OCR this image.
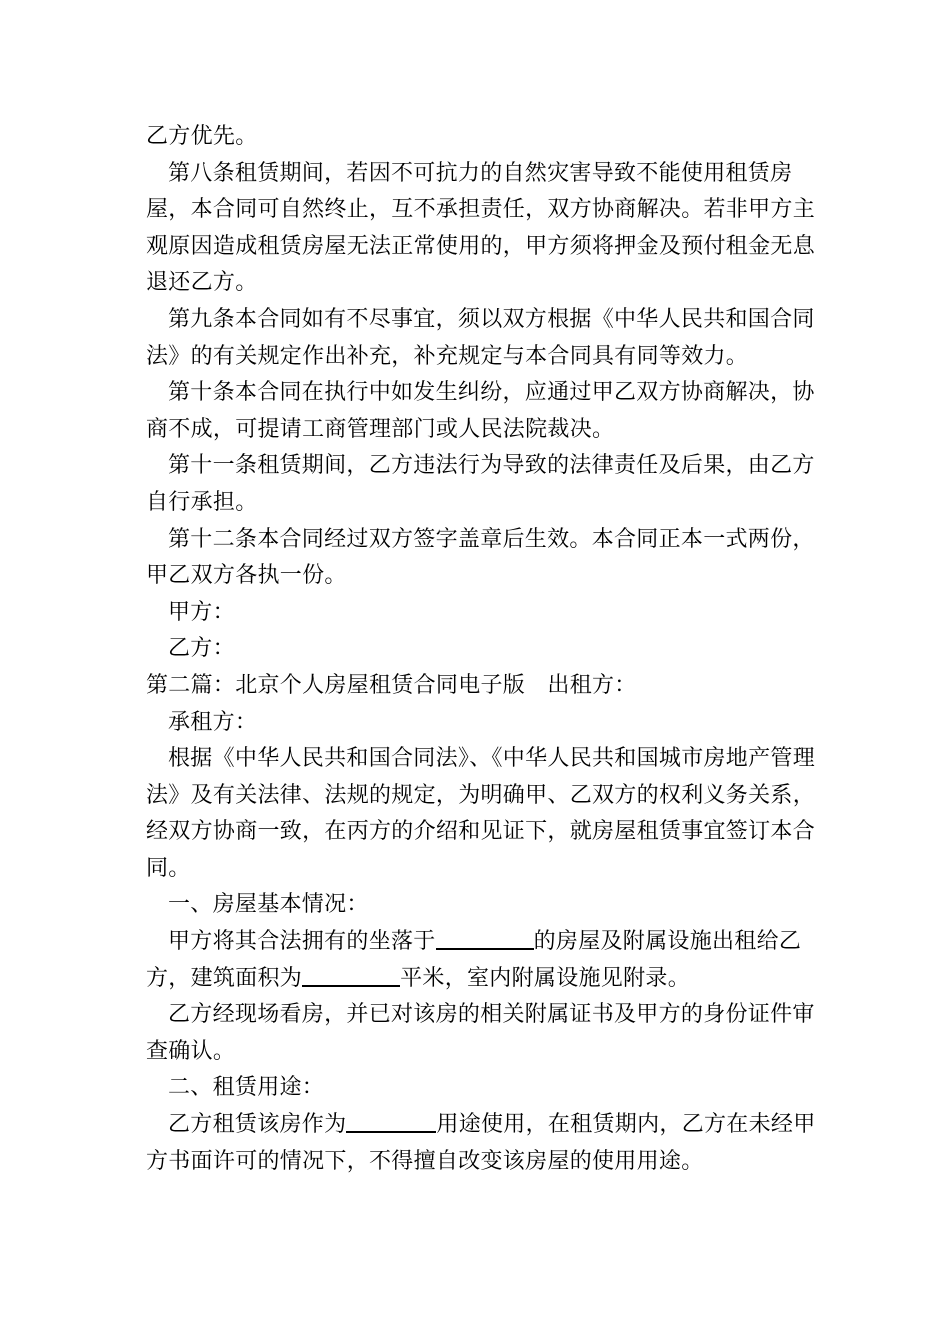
乙方优先。

第八条租赁期间，若因不可抗力的自然灾害导致不能使用租赁房屋，本合同可自然终止，互不承担责任，双方协商解决。若非甲方主观原因造成租赁房屋无法正常使用的，甲方须将押金及预付租金无息退还乙方。

第九条本合同如有不尽事宜，须以双方根据《中华人民共和国合同法》的有关规定作出补充，补充规定与本合同具有同等效力。

第十条本合同在执行中如发生纠纷，应通过甲乙双方协商解决，协商不成，可提请工商管理部门或人民法院裁决。

第十一条租赁期间，乙方违法行为导致的法律责任及后果，由乙方自行承担。

第十二条本合同经过双方签字盖章后生效。本合同正本一式两份，甲乙双方各执一份。

甲方：

乙方：

第二篇：北京个人房屋租赁合同电子版　出租方：

承租方：

根据《中华人民共和国合同法》、《中华人民共和国城市房地产管理法》及有关法律、法规的规定，为明确甲、乙双方的权利义务关系，经双方协商一致，在丙方的介绍和见证下，就房屋租赁事宜签订本合同。

一、房屋基本情况：

甲方将其合法拥有的坐落于	的房屋及附属设施出租给乙方，建筑面积为	平米，室内附属设施见附录。

乙方经现场看房，并已对该房的相关附属证书及甲方的身份证件审查确认。

二、租赁用途：

乙方租赁该房作为	用途使用，在租赁期内，乙方在未经甲方书面许可的情况下，不得擅自改变该房屋的使用用途。
